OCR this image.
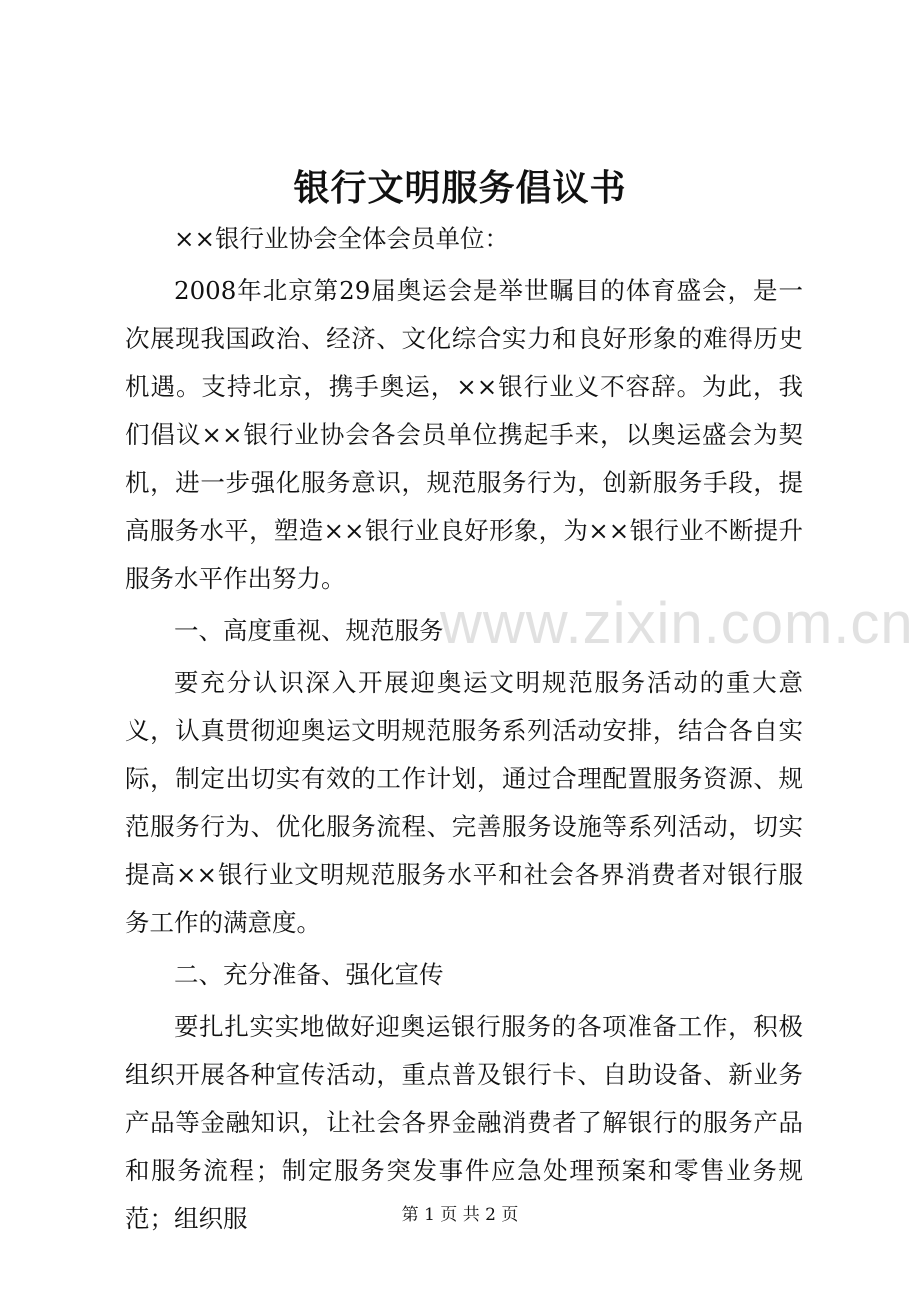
银行文明服务倡议书
www.zixin.com.cn

××银行业协会全体会员单位：

2008年北京第29届奥运会是举世瞩目的体育盛会，是一次展现我国政治、经济、文化综合实力和良好形象的难得历史机遇。支持北京，携手奥运，××银行业义不容辞。为此，我们倡议××银行业协会各会员单位携起手来，以奥运盛会为契机，进一步强化服务意识，规范服务行为，创新服务手段，提高服务水平，塑造××银行业良好形象，为××银行业不断提升服务水平作出努力。

一、高度重视、规范服务

要充分认识深入开展迎奥运文明规范服务活动的重大意义，认真贯彻迎奥运文明规范服务系列活动安排，结合各自实际，制定出切实有效的工作计划，通过合理配置服务资源、规范服务行为、优化服务流程、完善服务设施等系列活动，切实提高××银行业文明规范服务水平和社会各界消费者对银行服务工作的满意度。

二、充分准备、强化宣传

要扎扎实实地做好迎奥运银行服务的各项准备工作，积极组织开展各种宣传活动，重点普及银行卡、自助设备、新业务产品等金融知识，让社会各界金融消费者了解银行的服务产品和服务流程；制定服务突发事件应急处理预案和零售业务规范；组织服	第 1 页 共 2 页
